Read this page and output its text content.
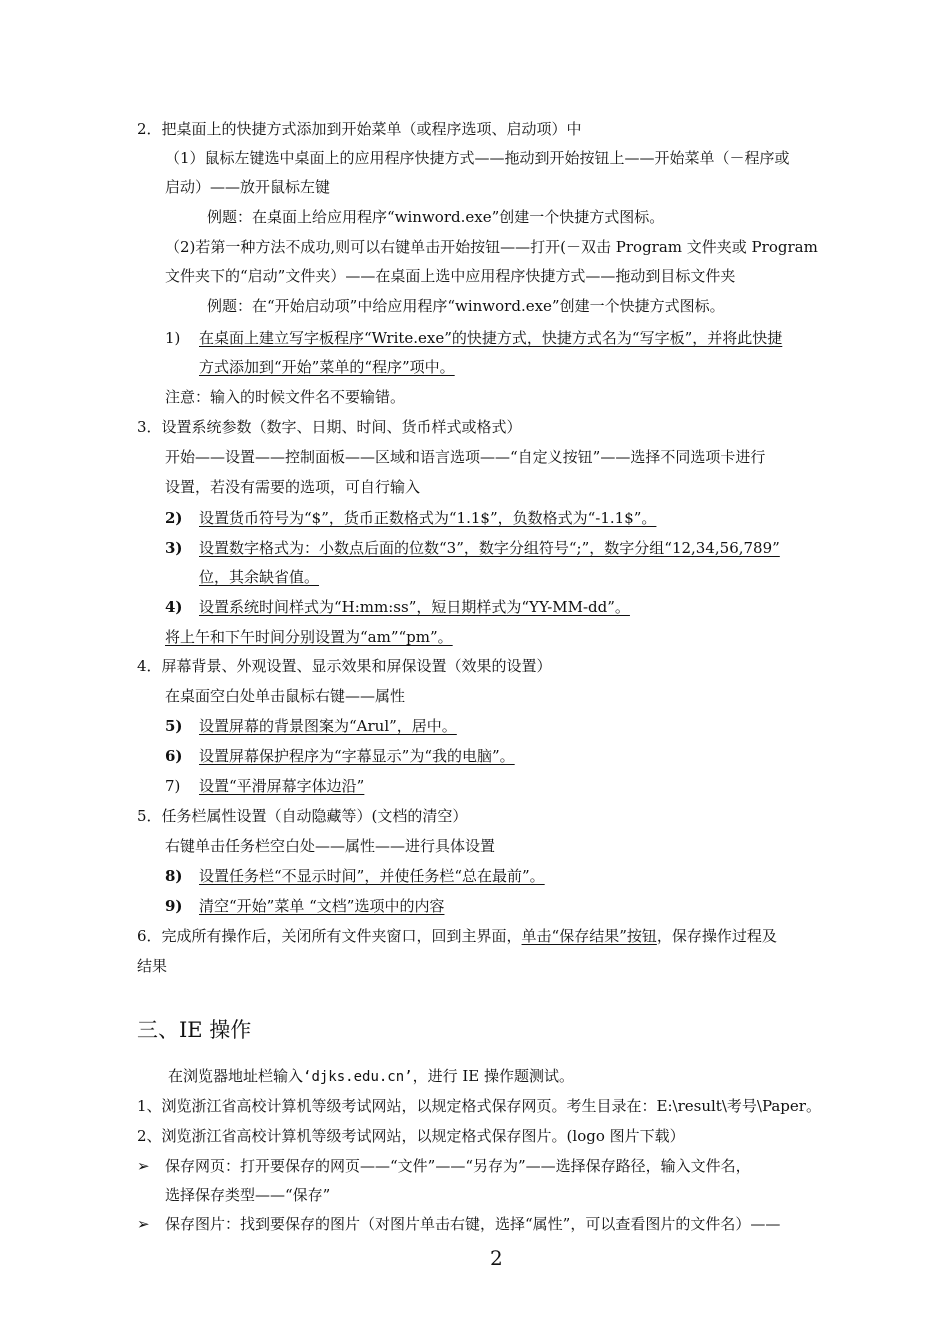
2．把桌面上的快捷方式添加到开始菜单（或程序选项、启动项）中
（1）鼠标左键选中桌面上的应用程序快捷方式——拖动到开始按钮上——开始菜单（－程序或
启动）——放开鼠标左键
例题：在桌面上给应用程序“winword.exe”创建一个快捷方式图标。
（2)若第一种方法不成功,则可以右键单击开始按钮——打开(－双击 Program 文件夹或 Program
文件夹下的“启动”文件夹）——在桌面上选中应用程序快捷方式——拖动到目标文件夹
例题：在“开始启动项”中给应用程序“winword.exe”创建一个快捷方式图标。
1) 在桌面上建立写字板程序“Write.exe”的快捷方式，快捷方式名为“写字板”，并将此快捷
方式添加到“开始”菜单的“程序”项中。
注意：输入的时候文件名不要输错。
3．设置系统参数（数字、日期、时间、货币样式或格式）
开始——设置——控制面板——区域和语言选项——“自定义按钮”——选择不同选项卡进行
设置，若没有需要的选项，可自行输入
2) 设置货币符号为“$”，货币正数格式为“1.1$”，负数格式为“-1.1$”。
3) 设置数字格式为：小数点后面的位数“3”，数字分组符号“;”，数字分组“12,34,56,789”
位，其余缺省值。
4) 设置系统时间样式为“H:mm:ss”，短日期样式为“YY-MM-dd”。
将上午和下午时间分别设置为“am”“pm”。
4．屏幕背景、外观设置、显示效果和屏保设置（效果的设置）
在桌面空白处单击鼠标右键——属性
5) 设置屏幕的背景图案为“Arul”，居中。
6) 设置屏幕保护程序为“字幕显示”为“我的电脑”。
7) 设置“平滑屏幕字体边沿”
5．任务栏属性设置（自动隐藏等）(文档的清空）
右键单击任务栏空白处——属性——进行具体设置
8) 设置任务栏“不显示时间”，并使任务栏“总在最前”。
9) 清空“开始”菜单 “文档”选项中的内容
6．完成所有操作后，关闭所有文件夹窗口，回到主界面，单击“保存结果”按钮，保存操作过程及
结果
三、IE 操作
在浏览器地址栏输入‘djks.edu.cn’，进行 IE 操作题测试。
1、浏览浙江省高校计算机等级考试网站，以规定格式保存网页。考生目录在：E:\result\考号\Paper。
2、浏览浙江省高校计算机等级考试网站，以规定格式保存图片。(logo 图片下载）
➢ 保存网页：打开要保存的网页——“文件”——“另存为”——选择保存路径，输入文件名，
选择保存类型——“保存”
➢ 保存图片：找到要保存的图片（对图片单击右键，选择“属性”，可以查看图片的文件名）——
2
